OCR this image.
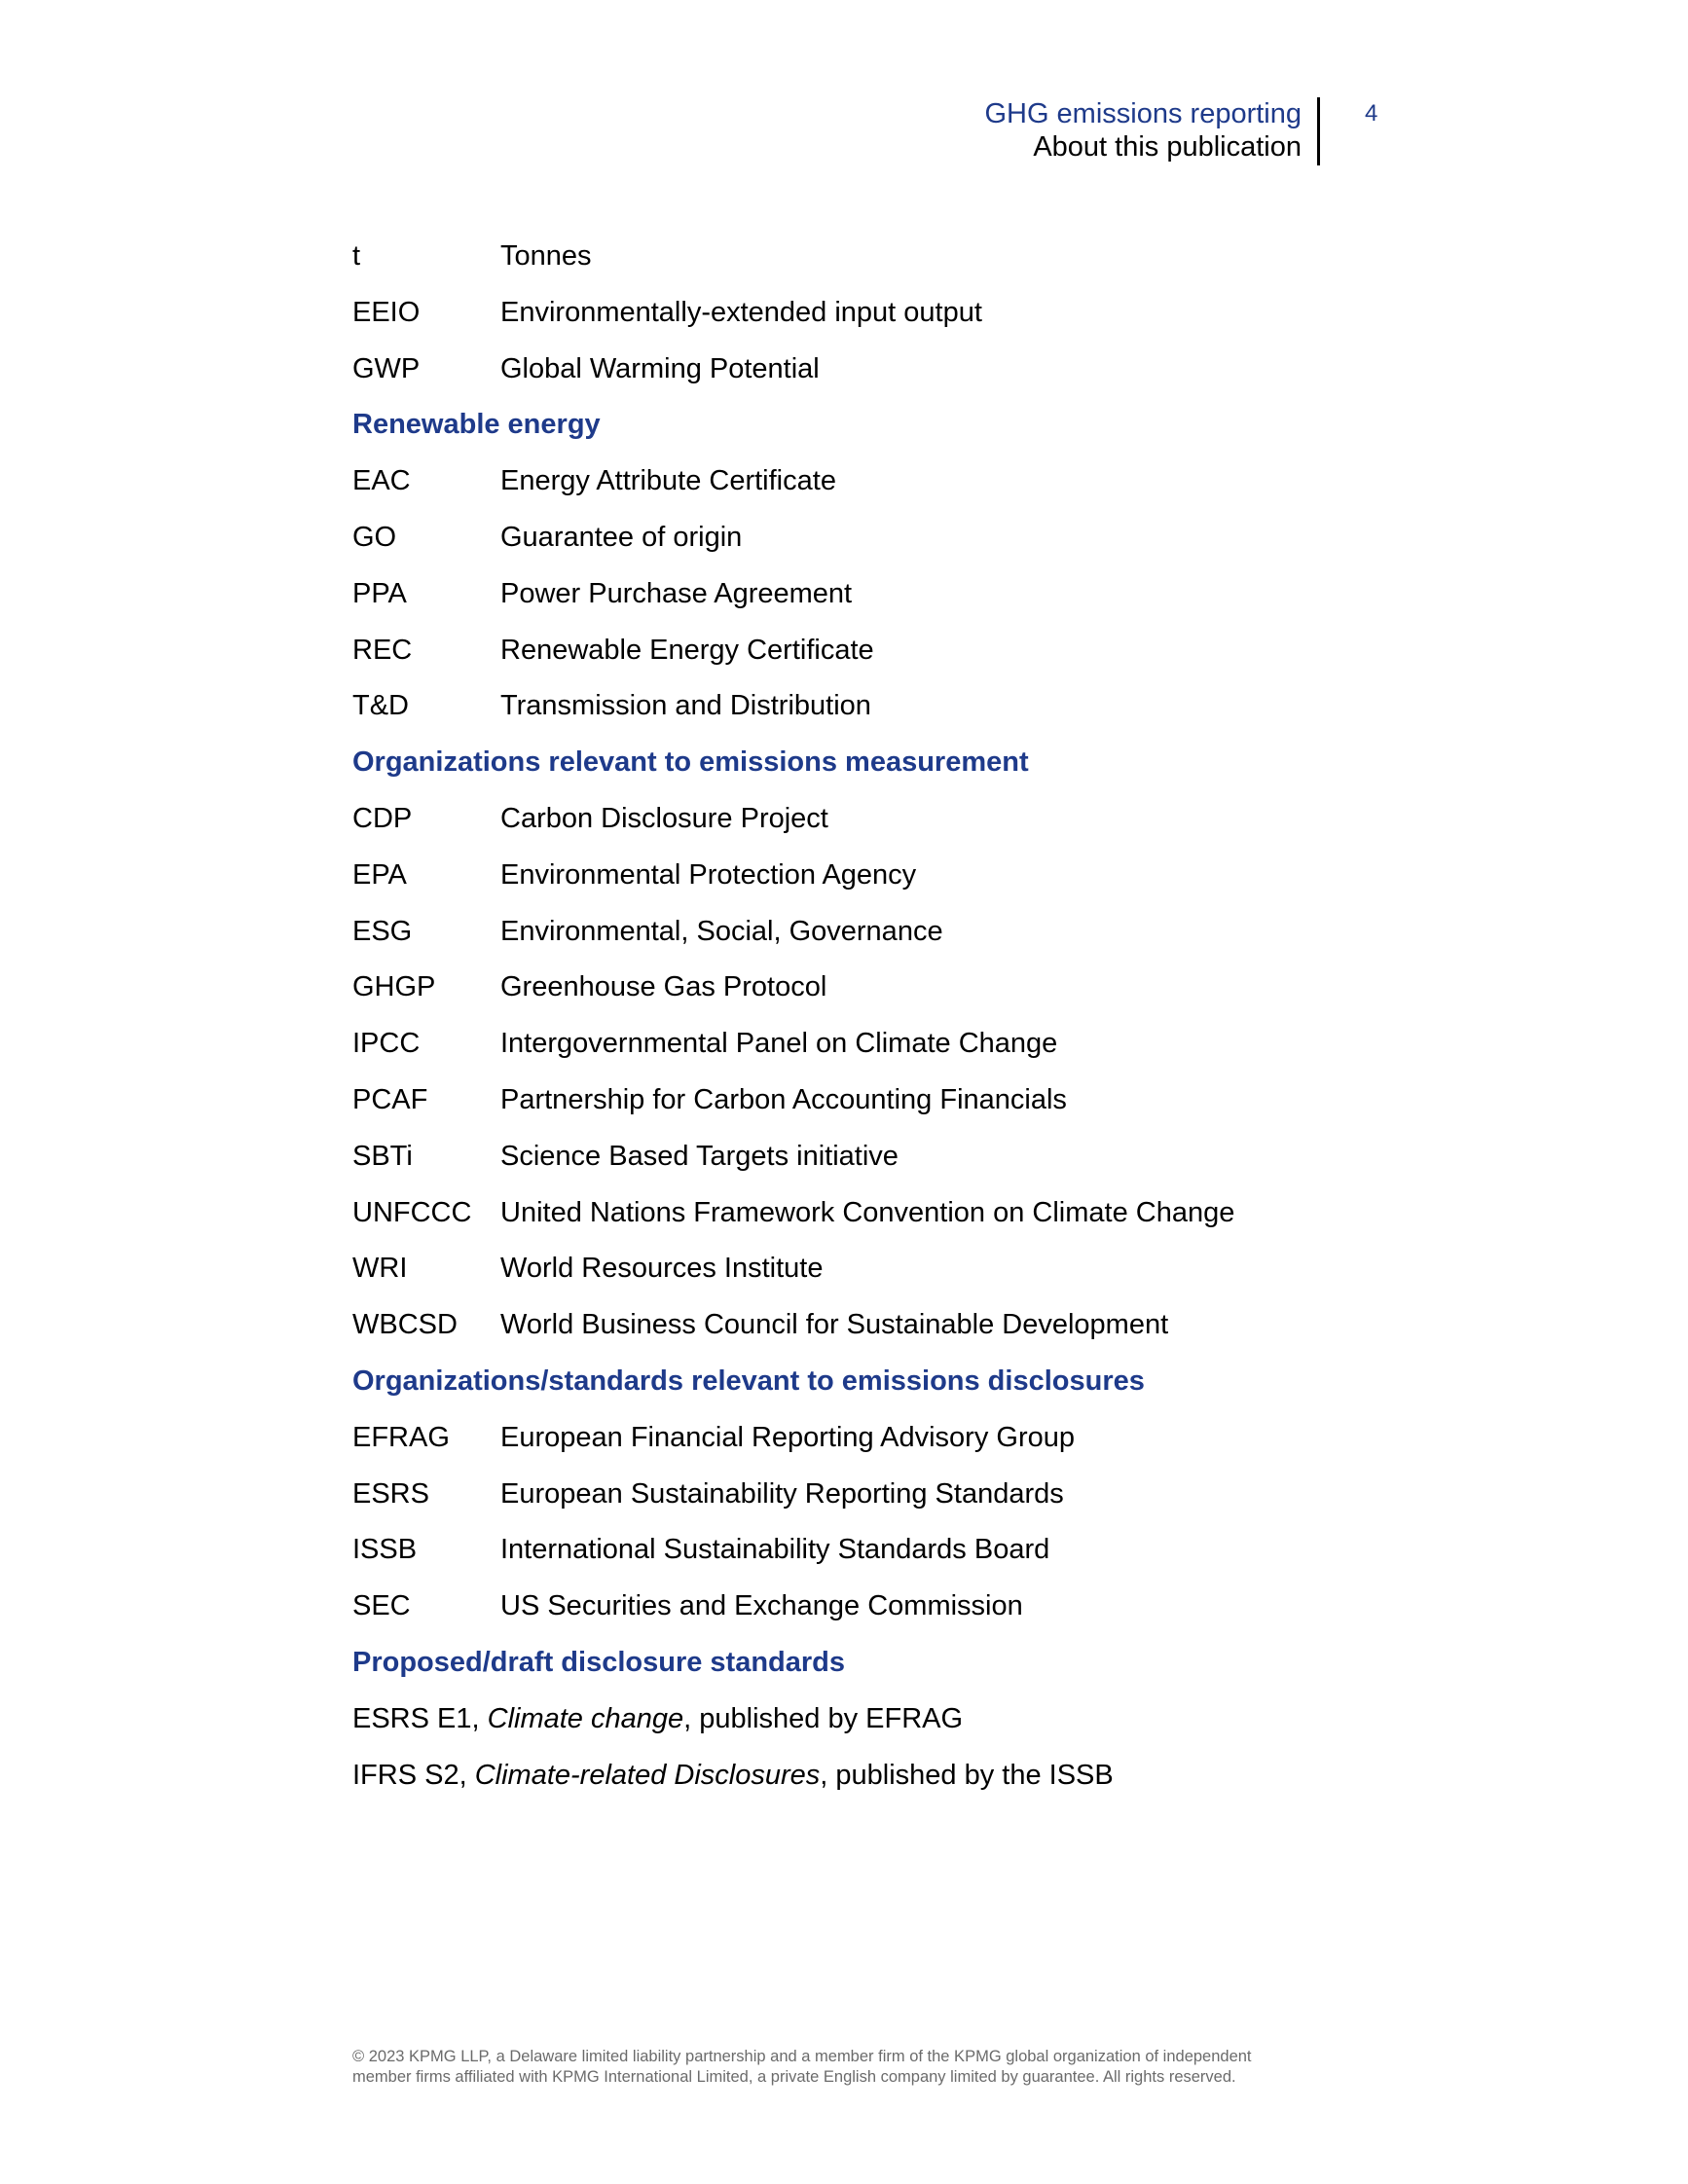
GHG emissions reporting
About this publication
4
t	Tonnes
EEIO	Environmentally-extended input output
GWP	Global Warming Potential
Renewable energy
EAC	Energy Attribute Certificate
GO	Guarantee of origin
PPA	Power Purchase Agreement
REC	Renewable Energy Certificate
T&D	Transmission and Distribution
Organizations relevant to emissions measurement
CDP	Carbon Disclosure Project
EPA	Environmental Protection Agency
ESG	Environmental, Social, Governance
GHGP	Greenhouse Gas Protocol
IPCC	Intergovernmental Panel on Climate Change
PCAF	Partnership for Carbon Accounting Financials
SBTi	Science Based Targets initiative
UNFCCC	United Nations Framework Convention on Climate Change
WRI	World Resources Institute
WBCSD	World Business Council for Sustainable Development
Organizations/standards relevant to emissions disclosures
EFRAG	European Financial Reporting Advisory Group
ESRS	European Sustainability Reporting Standards
ISSB	International Sustainability Standards Board
SEC	US Securities and Exchange Commission
Proposed/draft disclosure standards
ESRS E1, Climate change, published by EFRAG
IFRS S2, Climate-related Disclosures, published by the ISSB
© 2023 KPMG LLP, a Delaware limited liability partnership and a member firm of the KPMG global organization of independent
member firms affiliated with KPMG International Limited, a private English company limited by guarantee. All rights reserved.
